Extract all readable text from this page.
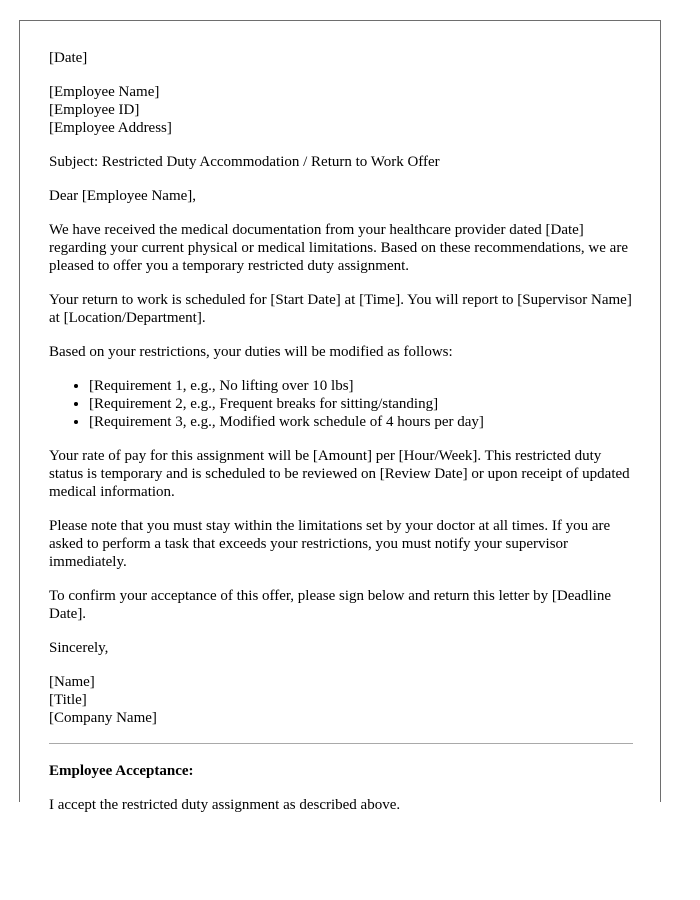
[Date]

[Employee Name]
[Employee ID]
[Employee Address]

Subject: Restricted Duty Accommodation / Return to Work Offer

Dear [Employee Name],

We have received the medical documentation from your healthcare provider dated [Date] regarding your current physical or medical limitations. Based on these recommendations, we are pleased to offer you a temporary restricted duty assignment.

Your return to work is scheduled for [Start Date] at [Time]. You will report to [Supervisor Name] at [Location/Department].

Based on your restrictions, your duties will be modified as follows:

• [Requirement 1, e.g., No lifting over 10 lbs]
• [Requirement 2, e.g., Frequent breaks for sitting/standing]
• [Requirement 3, e.g., Modified work schedule of 4 hours per day]

Your rate of pay for this assignment will be [Amount] per [Hour/Week]. This restricted duty status is temporary and is scheduled to be reviewed on [Review Date] or upon receipt of updated medical information.

Please note that you must stay within the limitations set by your doctor at all times. If you are asked to perform a task that exceeds your restrictions, you must notify your supervisor immediately.

To confirm your acceptance of this offer, please sign below and return this letter by [Deadline Date].

Sincerely,

[Name]
[Title]
[Company Name]

Employee Acceptance:

I accept the restricted duty assignment as described above.
